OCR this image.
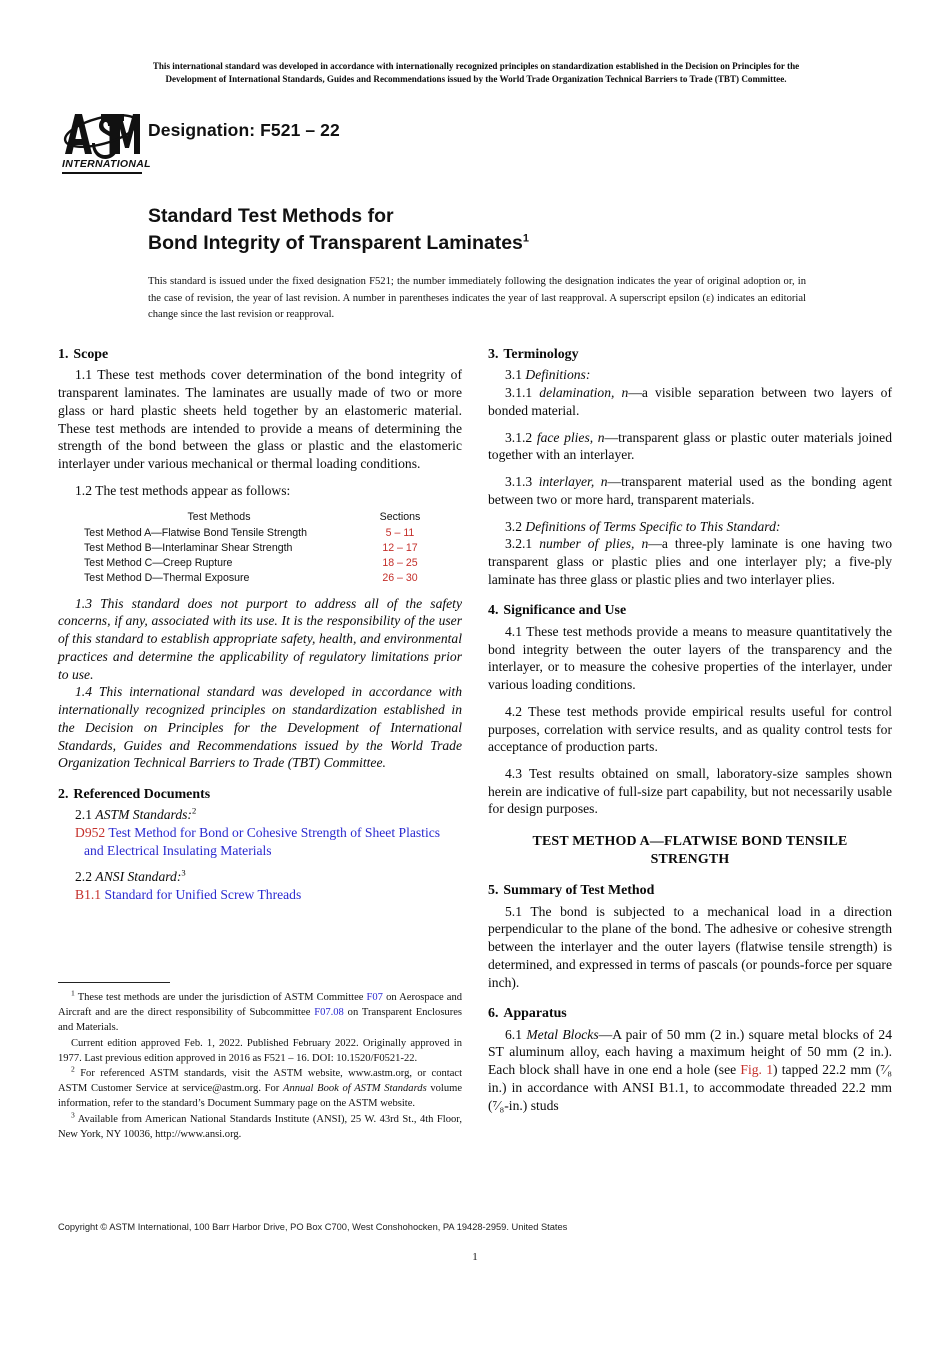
This international standard was developed in accordance with internationally recognized principles on standardization established in the Decision on Principles for the
Development of International Standards, Guides and Recommendations issued by the World Trade Organization Technical Barriers to Trade (TBT) Committee.
INTERNATIONAL
Designation: F521 – 22
Standard Test Methods for
Bond Integrity of Transparent Laminates$^1$
This standard is issued under the fixed designation F521; the number immediately following the designation indicates the year of original adoption or, in the case of revision, the year of last revision. A number in parentheses indicates the year of last reapproval. A superscript epsilon (ε) indicates an editorial change since the last revision or reapproval.
1. Scope

1.1 These test methods cover determination of the bond integrity of transparent laminates. The laminates are usually made of two or more glass or hard plastic sheets held together by an elastomeric material. These test methods are intended to provide a means of determining the strength of the bond between the glass or plastic and the elastomeric interlayer under various mechanical or thermal loading conditions.

1.2 The test methods appear as follows:

Test Methods	Sections
Test Method A—Flatwise Bond Tensile Strength	5 – 11
Test Method B—Interlaminar Shear Strength	12 – 17
Test Method C—Creep Rupture	18 – 25
Test Method D—Thermal Exposure	26 – 30

1.3 This standard does not purport to address all of the safety concerns, if any, associated with its use. It is the responsibility of the user of this standard to establish appropriate safety, health, and environmental practices and determine the applicability of regulatory limitations prior to use.

1.4 This international standard was developed in accordance with internationally recognized principles on standardization established in the Decision on Principles for the Development of International Standards, Guides and Recommendations issued by the World Trade Organization Technical Barriers to Trade (TBT) Committee.

2. Referenced Documents

2.1 ASTM Standards:$^2$

D952 Test Method for Bond or Cohesive Strength of Sheet Plastics and Electrical Insulating Materials

2.2 ANSI Standard:$^3$

B1.1 Standard for Unified Screw Threads

$^1$ These test methods are under the jurisdiction of ASTM Committee F07 on Aerospace and Aircraft and are the direct responsibility of Subcommittee F07.08 on Transparent Enclosures and Materials.

Current edition approved Feb. 1, 2022. Published February 2022. Originally approved in 1977. Last previous edition approved in 2016 as F521 – 16. DOI: 10.1520/F0521-22.

$^2$ For referenced ASTM standards, visit the ASTM website, www.astm.org, or contact ASTM Customer Service at service@astm.org. For Annual Book of ASTM Standards volume information, refer to the standard’s Document Summary page on the ASTM website.

$^3$ Available from American National Standards Institute (ANSI), 25 W. 43rd St., 4th Floor, New York, NY 10036, http://www.ansi.org.

3. Terminology

3.1 Definitions:

3.1.1 delamination, n—a visible separation between two layers of bonded material.

3.1.2 face plies, n—transparent glass or plastic outer materials joined together with an interlayer.

3.1.3 interlayer, n—transparent material used as the bonding agent between two or more hard, transparent materials.

3.2 Definitions of Terms Specific to This Standard:

3.2.1 number of plies, n—a three-ply laminate is one having two transparent glass or plastic plies and one interlayer ply; a five-ply laminate has three glass or plastic plies and two interlayer plies.

4. Significance and Use

4.1 These test methods provide a means to measure quantitatively the bond integrity between the outer layers of the transparency and the interlayer, or to measure the cohesive properties of the interlayer, under various loading conditions.

4.2 These test methods provide empirical results useful for control purposes, correlation with service results, and as quality control tests for acceptance of production parts.

4.3 Test results obtained on small, laboratory-size samples shown herein are indicative of full-size part capability, but not necessarily usable for design purposes.

TEST METHOD A—FLATWISE BOND TENSILE
STRENGTH
5. Summary of Test Method

5.1 The bond is subjected to a mechanical load in a direction perpendicular to the plane of the bond. The adhesive or cohesive strength between the interlayer and the outer layers (flatwise tensile strength) is determined, and expressed in terms of pascals (or pounds-force per square inch).

6. Apparatus

6.1 Metal Blocks—A pair of 50 mm (2 in.) square metal blocks of 24 ST aluminum alloy, each having a maximum height of 50 mm (2 in.). Each block shall have in one end a hole (see Fig. 1) tapped 22.2 mm (⁷⁄₈ in.) in accordance with ANSI B1.1, to accommodate threaded 22.2 mm (⁷⁄₈-in.) studs

Copyright © ASTM International, 100 Barr Harbor Drive, PO Box C700, West Conshohocken, PA 19428-2959. United States
1
